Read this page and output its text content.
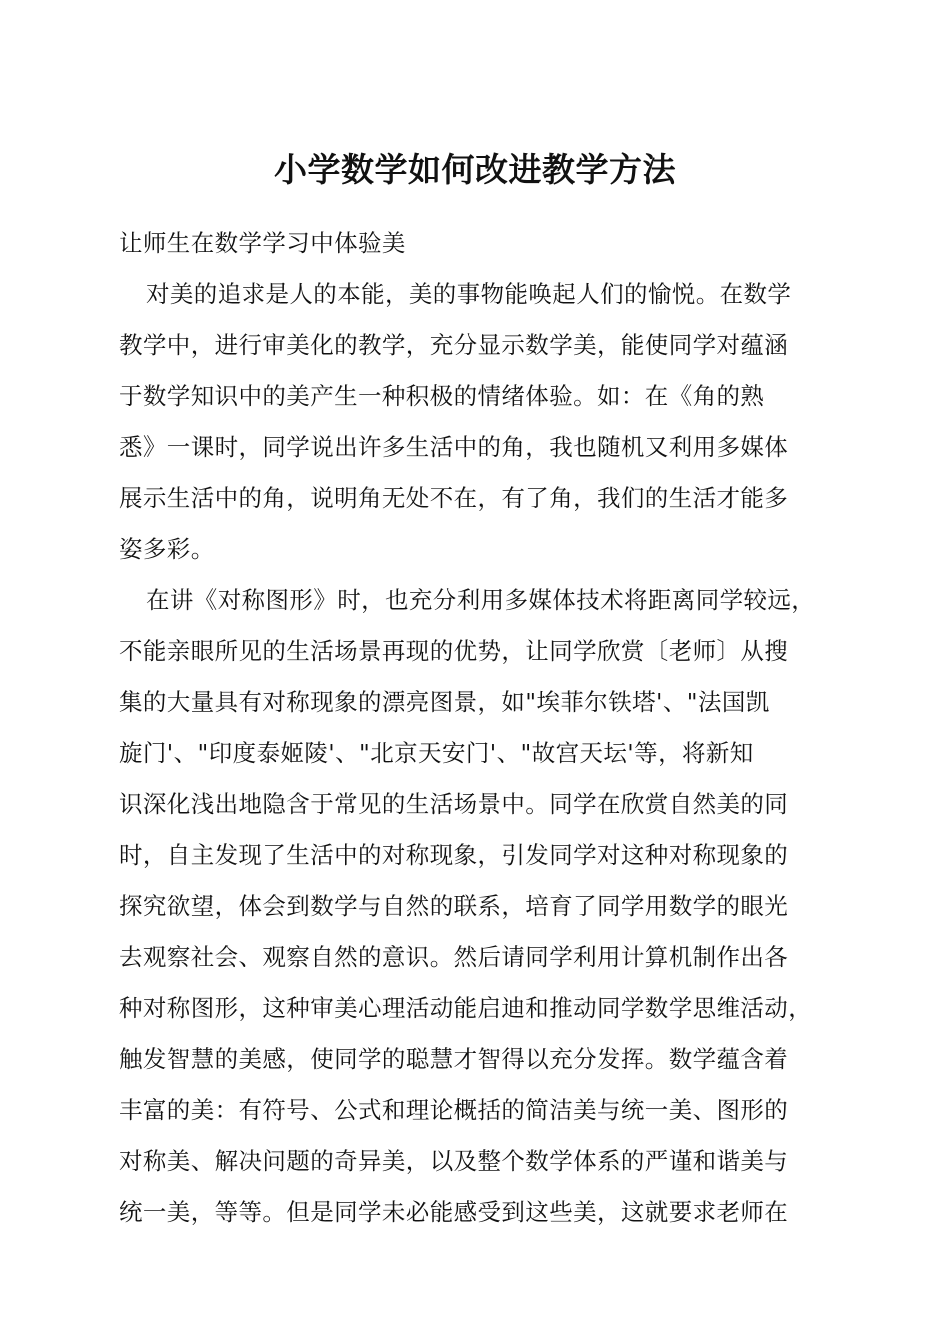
小学数学如何改进教学方法
让师生在数学学习中体验美
对美的追求是人的本能，美的事物能唤起人们的愉悦。在数学
教学中，进行审美化的教学，充分显示数学美，能使同学对蕴涵
于数学知识中的美产生一种积极的情绪体验。如：在《角的熟
悉》一课时，同学说出许多生活中的角，我也随机又利用多媒体
展示生活中的角，说明角无处不在，有了角，我们的生活才能多
姿多彩。
在讲《对称图形》时，也充分利用多媒体技术将距离同学较远，
不能亲眼所见的生活场景再现的优势，让同学欣赏〔老师〕从搜
集的大量具有对称现象的漂亮图景，如"埃菲尔铁塔'、"法国凯
旋门'、"印度泰姬陵'、"北京天安门'、"故宫天坛'等，将新知
识深化浅出地隐含于常见的生活场景中。同学在欣赏自然美的同
时，自主发现了生活中的对称现象，引发同学对这种对称现象的
探究欲望，体会到数学与自然的联系，培育了同学用数学的眼光
去观察社会、观察自然的意识。然后请同学利用计算机制作出各
种对称图形，这种审美心理活动能启迪和推动同学数学思维活动，
触发智慧的美感，使同学的聪慧才智得以充分发挥。数学蕴含着
丰富的美：有符号、公式和理论概括的简洁美与统一美、图形的
对称美、解决问题的奇异美，以及整个数学体系的严谨和谐美与
统一美，等等。但是同学未必能感受到这些美，这就要求老师在
